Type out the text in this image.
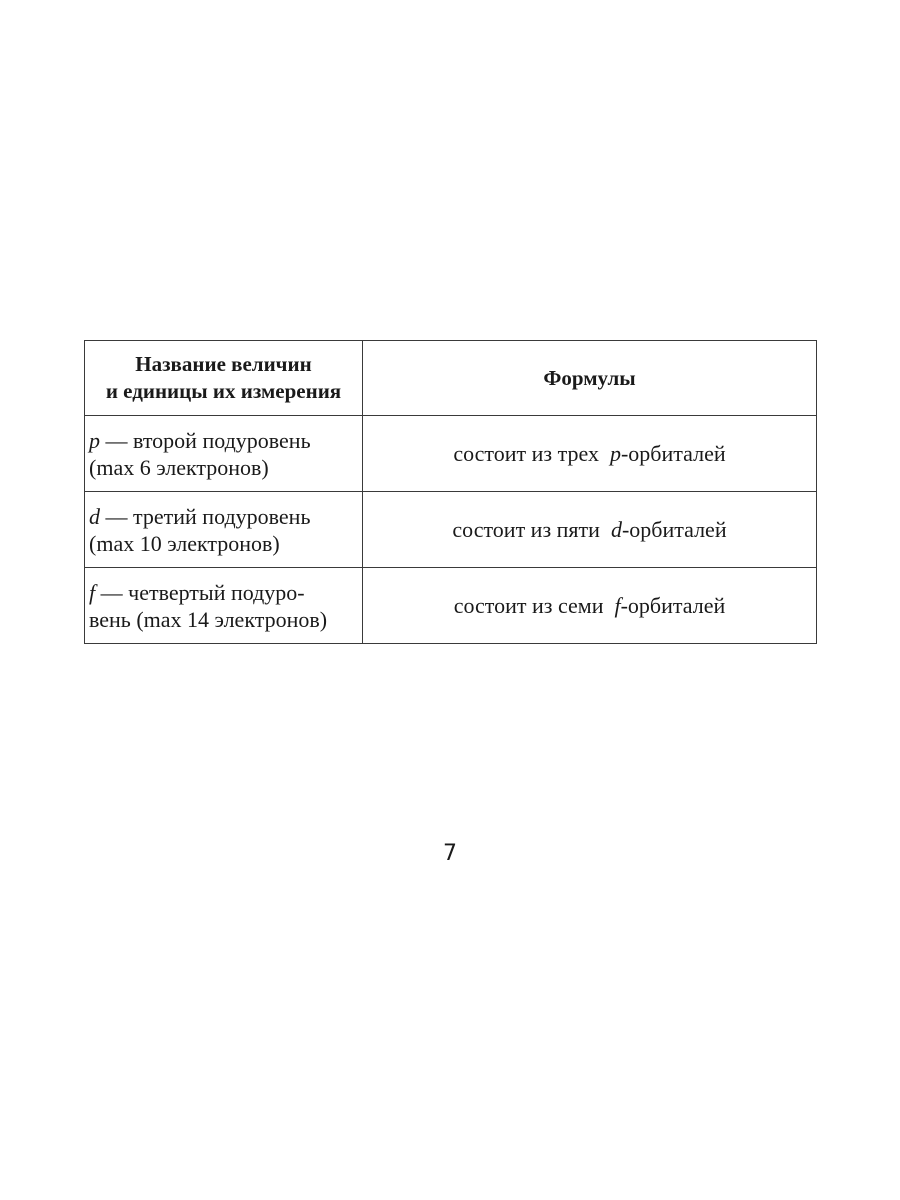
Название величин
и единицы их измерения	Формулы

p — второй подуровень
(max 6 электронов)	состоит из трех  p-орбиталей

d — третий подуровень
(max 10 электронов)	состоит из пяти  d-орбиталей

f — четвертый подуро-
вень (max 14 электронов)	состоит из семи  f-орбиталей
7
